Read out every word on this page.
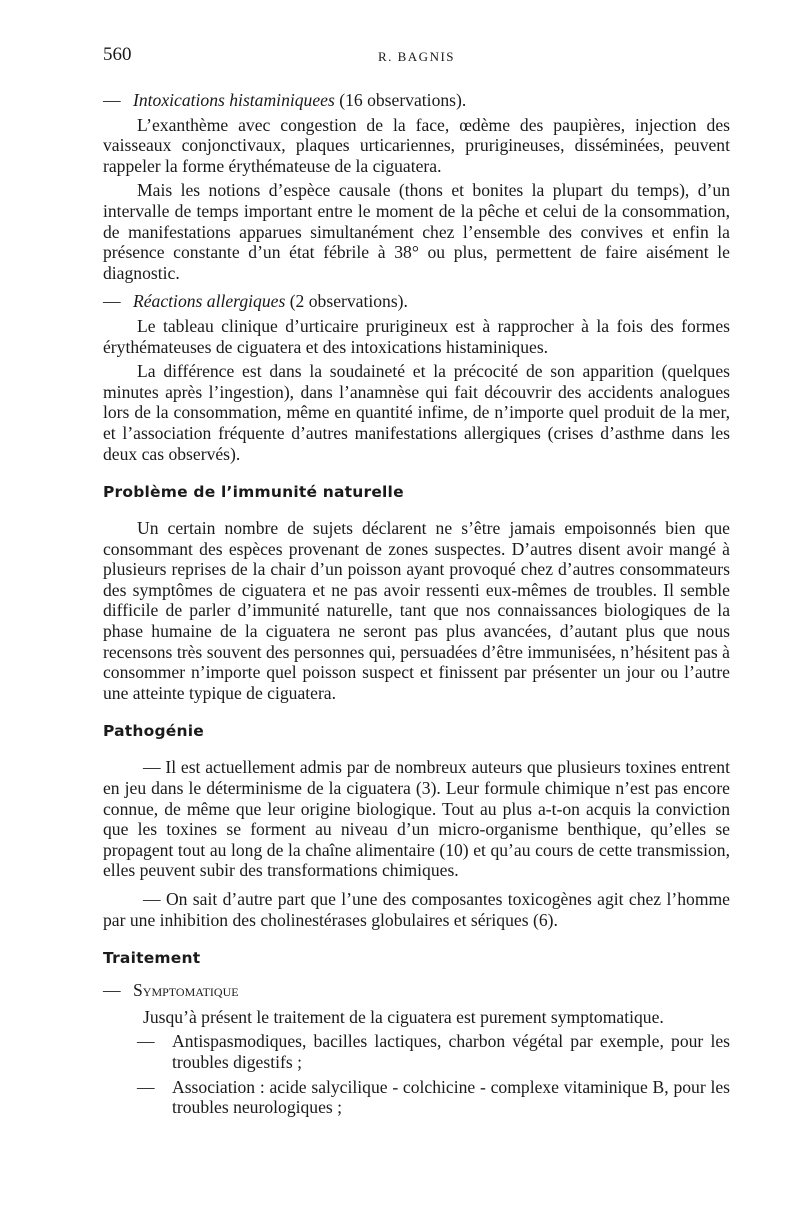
560	R. BAGNIS

— Intoxications histaminiquees (16 observations).

L’exanthème avec congestion de la face, œdème des paupières, injection des vaisseaux conjonctivaux, plaques urticariennes, prurigineuses, disséminées, peuvent rappeler la forme érythémateuse de la ciguatera.

Mais les notions d’espèce causale (thons et bonites la plupart du temps), d’un intervalle de temps important entre le moment de la pêche et celui de la consommation, de manifestations apparues simultanément chez l’ensemble des convives et enfin la présence constante d’un état fébrile à 38° ou plus, permettent de faire aisément le diagnostic.

— Réactions allergiques (2 observations).

Le tableau clinique d’urticaire prurigineux est à rapprocher à la fois des formes érythémateuses de ciguatera et des intoxications histaminiques.

La différence est dans la soudaineté et la précocité de son apparition (quelques minutes après l’ingestion), dans l’anamnèse qui fait découvrir des accidents analogues lors de la consommation, même en quantité infime, de n’importe quel produit de la mer, et l’association fréquente d’autres manifestations allergiques (crises d’asthme dans les deux cas observés).

Problème de l’immunité naturelle

Un certain nombre de sujets déclarent ne s’être jamais empoisonnés bien que consommant des espèces provenant de zones suspectes. D’autres disent avoir mangé à plusieurs reprises de la chair d’un poisson ayant provoqué chez d’autres consommateurs des symptômes de ciguatera et ne pas avoir ressenti eux-mêmes de troubles. Il semble difficile de parler d’immunité naturelle, tant que nos connaissances biologiques de la phase humaine de la ciguatera ne seront pas plus avancées, d’autant plus que nous recensons très souvent des personnes qui, persuadées d’être immunisées, n’hésitent pas à consommer n’importe quel poisson suspect et finissent par présenter un jour ou l’autre une atteinte typique de ciguatera.

Pathogénie

— Il est actuellement admis par de nombreux auteurs que plusieurs toxines entrent en jeu dans le déterminisme de la ciguatera (3). Leur formule chimique n’est pas encore connue, de même que leur origine biologique. Tout au plus a-t-on acquis la conviction que les toxines se forment au niveau d’un micro-organisme benthique, qu’elles se propagent tout au long de la chaîne alimentaire (10) et qu’au cours de cette transmission, elles peuvent subir des transformations chimiques.

— On sait d’autre part que l’une des composantes toxicogènes agit chez l’homme par une inhibition des cholinestérases globulaires et sériques (6).

Traitement

— Symptomatique

Jusqu’à présent le traitement de la ciguatera est purement symptomatique.

— Antispasmodiques, bacilles lactiques, charbon végétal par exemple, pour les troubles digestifs ;
— Association : acide salycilique - colchicine - complexe vitaminique B, pour les troubles neurologiques ;
